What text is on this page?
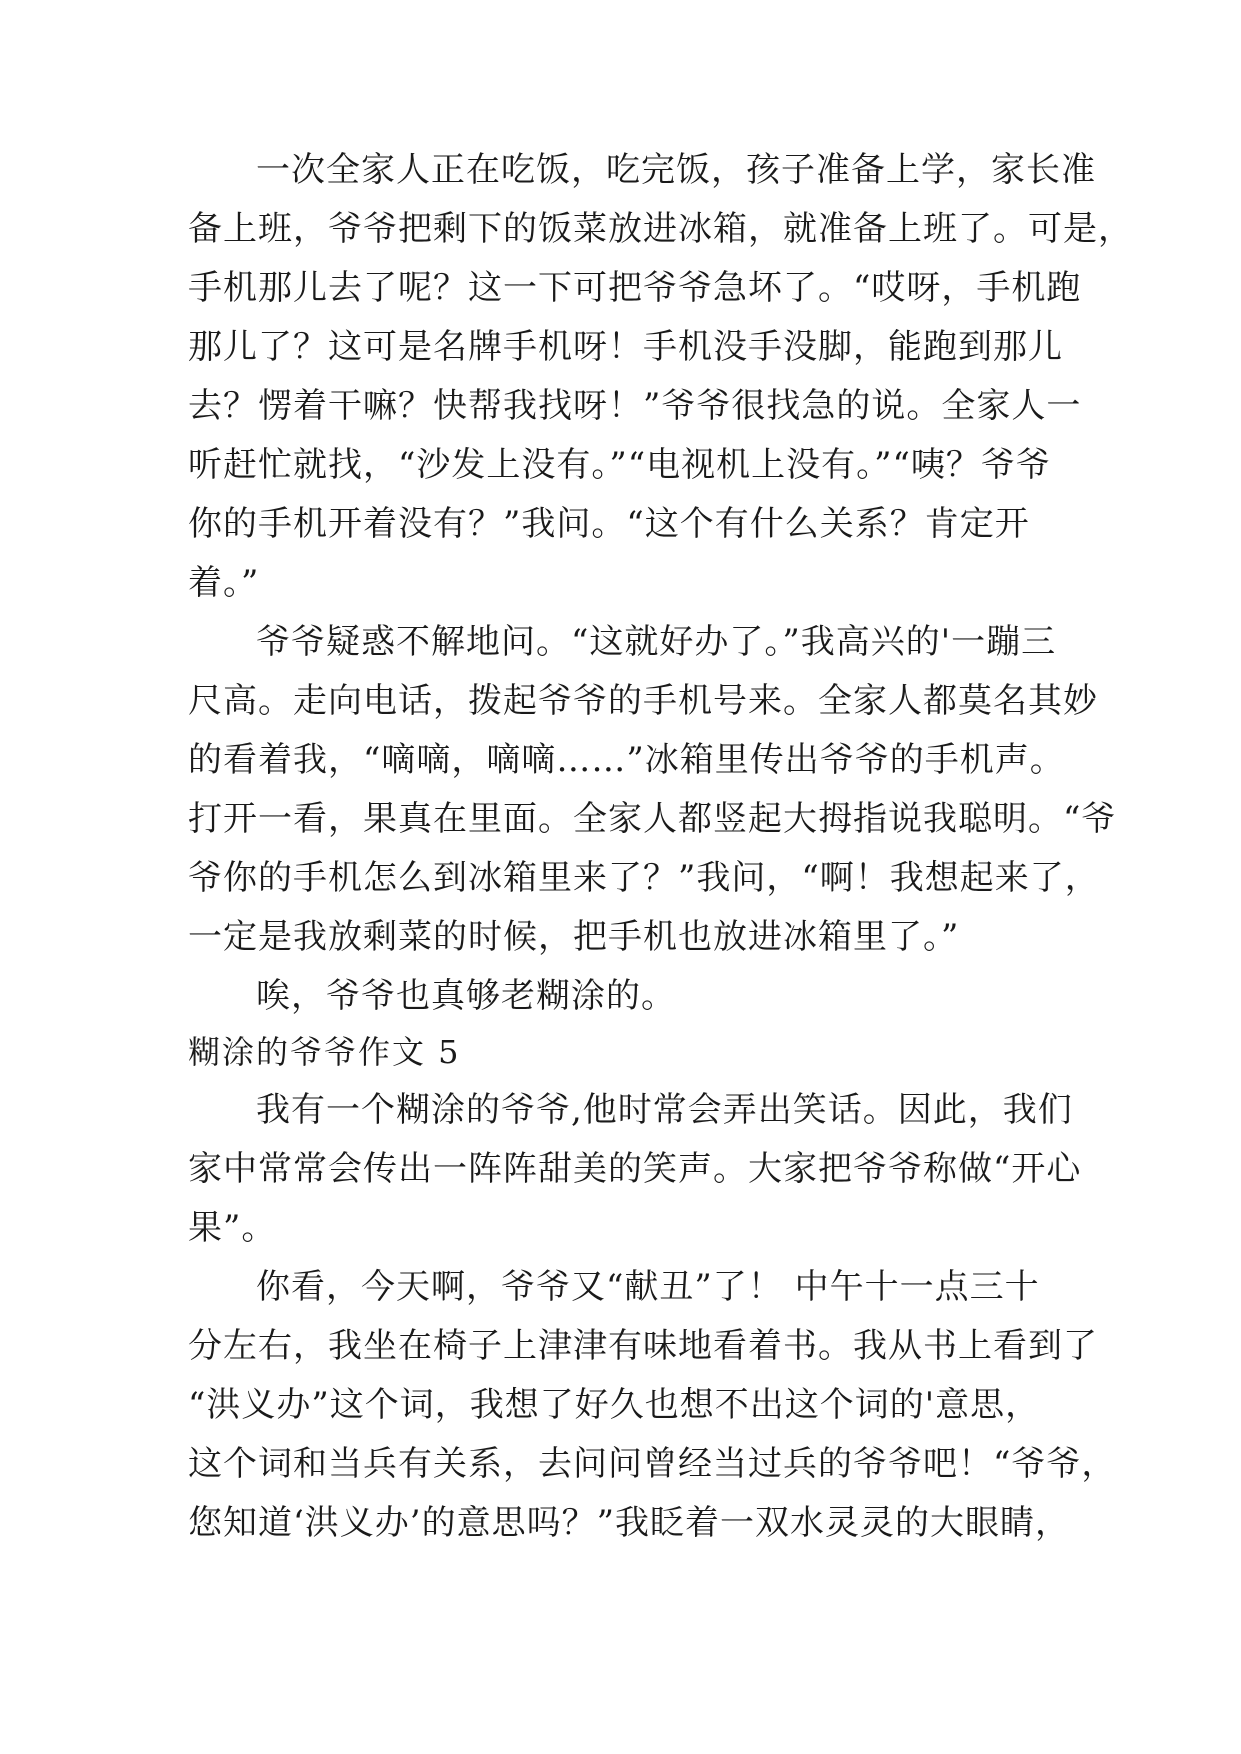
一次全家人正在吃饭，吃完饭，孩子准备上学，家长准
备上班，爷爷把剩下的饭菜放进冰箱，就准备上班了。可是，
手机那儿去了呢？这一下可把爷爷急坏了。“哎呀，手机跑
那儿了？这可是名牌手机呀！手机没手没脚，能跑到那儿
去？愣着干嘛？快帮我找呀！”爷爷很找急的说。全家人一
听赶忙就找，“沙发上没有。”“电视机上没有。”“咦？爷爷
你的手机开着没有？”我问。“这个有什么关系？肯定开
着。”
爷爷疑惑不解地问。“这就好办了。”我高兴的'一蹦三
尺高。走向电话，拨起爷爷的手机号来。全家人都莫名其妙
的看着我，“嘀嘀，嘀嘀……”冰箱里传出爷爷的手机声。
打开一看，果真在里面。全家人都竖起大拇指说我聪明。“爷
爷你的手机怎么到冰箱里来了？”我问，“啊！我想起来了，
一定是我放剩菜的时候，把手机也放进冰箱里了。”
唉，爷爷也真够老糊涂的。
糊涂的爷爷作文 5
我有一个糊涂的爷爷,他时常会弄出笑话。因此，我们
家中常常会传出一阵阵甜美的笑声。大家把爷爷称做“开心
果”。
你看，今天啊，爷爷又“献丑”了！ 中午十一点三十
分左右，我坐在椅子上津津有味地看着书。我从书上看到了
“洪义办”这个词，我想了好久也想不出这个词的'意思，
这个词和当兵有关系，去问问曾经当过兵的爷爷吧！“爷爷，
您知道‘洪义办’的意思吗？”我眨着一双水灵灵的大眼睛，
